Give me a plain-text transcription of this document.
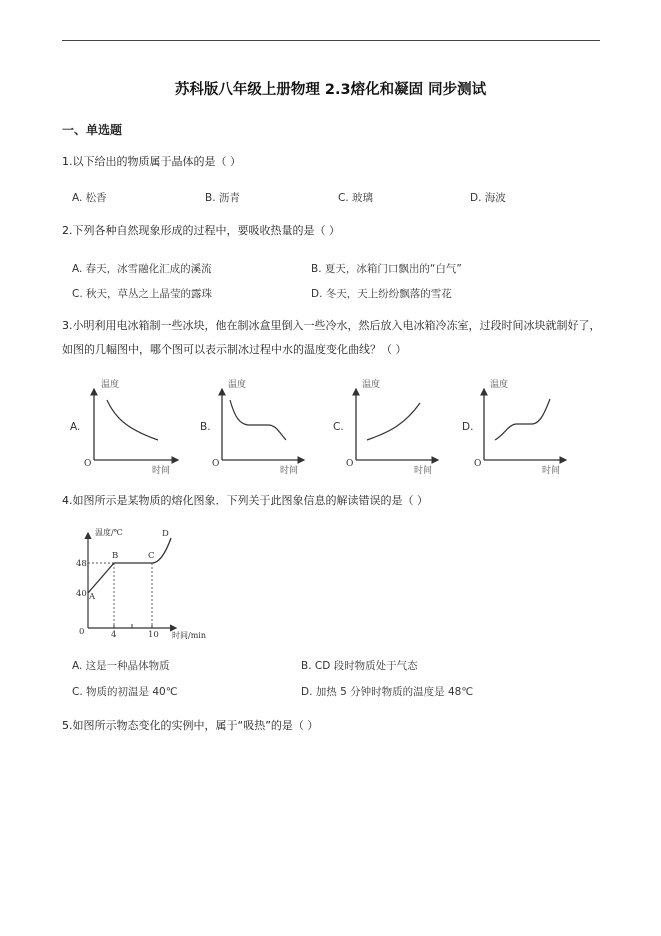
苏科版八年级上册物理 2.3熔化和凝固 同步测试
一、单选题
1.以下给出的物质属于晶体的是（ ）
A. 松香	B. 沥青	C. 玻璃	D. 海波
2.下列各种自然现象形成的过程中，要吸收热量的是（ ）
A. 春天，冰雪融化汇成的溪流	B. 夏天，冰箱门口飘出的“白气”
C. 秋天，草丛之上晶莹的露珠	D. 冬天，天上纷纷飘落的雪花
3.小明利用电冰箱制一些冰块，他在制冰盒里倒入一些冷水，然后放入电冰箱冷冻室，过段时间冰块就制好了，如图的几幅图中，哪个图可以表示制冰过程中水的温度变化曲线？（ ）
A.	B.	C.	D.
温度
时间
O
温度
时间
O
温度
时间
O
温度
时间
O
温度/℃
时间/min
48
40
0	4	10
A
B	C
D
4.如图所示是某物质的熔化图象．下列关于此图象信息的解读错误的是（ ）
A. 这是一种晶体物质	B. CD 段时物质处于气态
C. 物质的初温是 40℃	D. 加热 5 分钟时物质的温度是 48℃
5.如图所示物态变化的实例中，属于“吸热”的是（ ）
